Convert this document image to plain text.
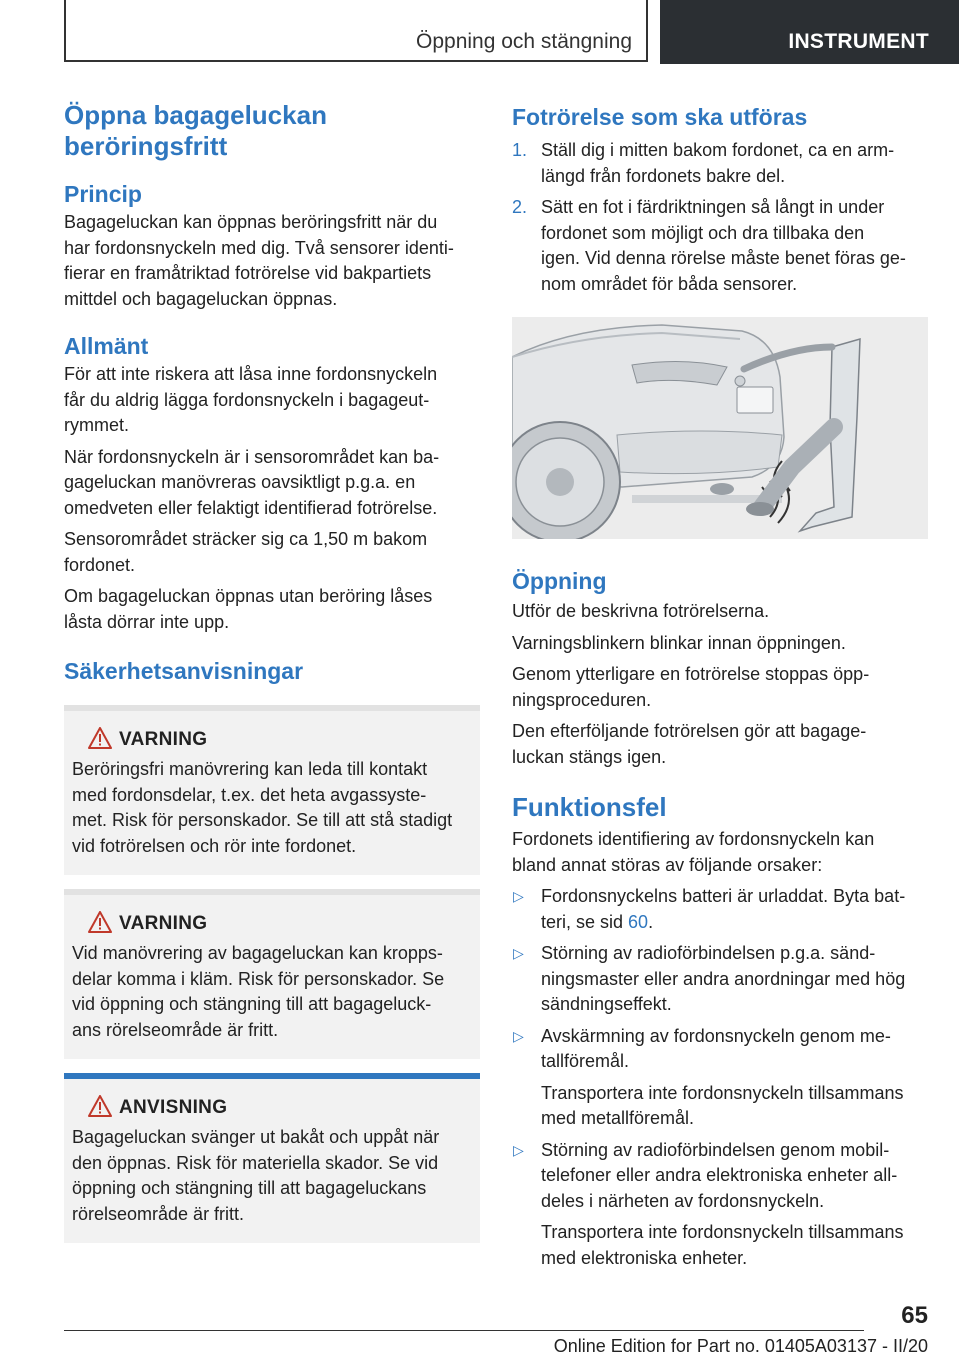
Öppning och stängning	INSTRUMENT
Öppna bagageluckan
beröringsfritt
Princip

Bagageluckan kan öppnas beröringsfritt när du
har fordonsnyckeln med dig. Två sensorer identi-
fierar en framåtriktad fotrörelse vid bakpartiets
mittdel och bagageluckan öppnas.

Allmänt

För att inte riskera att låsa inne fordonsnyckeln
får du aldrig lägga fordonsnyckeln i bagageut-
rymmet.

När fordonsnyckeln är i sensorområdet kan ba-
gageluckan manövreras oavsiktligt p.g.a. en
omedveten eller felaktigt identifierad fotrörelse.

Sensorområdet sträcker sig ca 1,50 m bakom
fordonet.

Om bagageluckan öppnas utan beröring låses
låsta dörrar inte upp.

Säkerhetsanvisningar
VARNING

Beröringsfri manövrering kan leda till kontakt
med fordonsdelar, t.ex. det heta avgassyste-
met. Risk för personskador. Se till att stå stadigt
vid fotrörelsen och rör inte fordonet.

VARNING

Vid manövrering av bagageluckan kan kropps-
delar komma i kläm. Risk för personskador. Se
vid öppning och stängning till att bagageluck-
ans rörelseområde är fritt.

ANVISNING

Bagageluckan svänger ut bakåt och uppåt när
den öppnas. Risk för materiella skador. Se vid
öppning och stängning till att bagageluckans
rörelseområde är fritt.

Fotrörelse som ska utföras
1. Ställ dig i mitten bakom fordonet, ca en arm-
längd från fordonets bakre del.
2. Sätt en fot i färdriktningen så långt in under
fordonet som möjligt och dra tillbaka den
igen. Vid denna rörelse måste benet föras ge-
nom området för båda sensorer.
Öppning

Utför de beskrivna fotrörelserna.

Varningsblinkern blinkar innan öppningen.

Genom ytterligare en fotrörelse stoppas öpp-
ningsproceduren.

Den efterföljande fotrörelsen gör att bagage-
luckan stängs igen.

Funktionsfel

Fordonets identifiering av fordonsnyckeln kan
bland annat störas av följande orsaker:

▷ Fordonsnyckelns batteri är urladdat. Byta bat-
teri, se sid 60.
▷ Störning av radioförbindelsen p.g.a. sänd-
ningsmaster eller andra anordningar med hög
sändningseffekt.
▷ Avskärmning av fordonsnyckeln genom me-
tallföremål.
Transportera inte fordonsnyckeln tillsammans
med metallföremål.
▷ Störning av radioförbindelsen genom mobil-
telefoner eller andra elektroniska enheter all-
deles i närheten av fordonsnyckeln.
Transportera inte fordonsnyckeln tillsammans
med elektroniska enheter.
65
Online Edition for Part no. 01405A03137 - II/20
